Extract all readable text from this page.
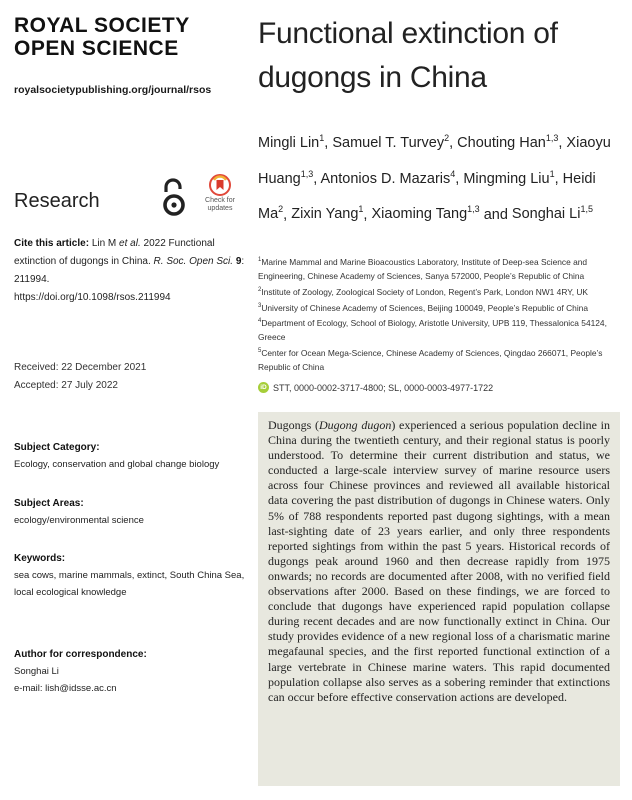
ROYAL SOCIETY
OPEN SCIENCE
royalsocietypublishing.org/journal/rsos
Research	Check for
updates
Cite this article: Lin M et al. 2022 Functional extinction of dugongs in China. R. Soc. Open Sci. 9: 211994.
https://doi.org/10.1098/rsos.211994
Received: 22 December 2021
Accepted: 27 July 2022
Subject Category:
Ecology, conservation and global change biology
Subject Areas:
ecology/environmental science
Keywords:
sea cows, marine mammals, extinct, South China Sea, local ecological knowledge
Author for correspondence:
Songhai Li
e-mail: lish@idsse.ac.cn
Functional extinction of
dugongs in China
Mingli Lin$^1$, Samuel T. Turvey$^2$, Chouting Han$^{1,3}$, Xiaoyu Huang$^{1,3}$, Antonios D. Mazaris$^4$, Mingming Liu$^1$, Heidi Ma$^2$, Zixin Yang$^1$, Xiaoming Tang$^{1,3}$ and Songhai Li$^{1,5}$
$^1$Marine Mammal and Marine Bioacoustics Laboratory, Institute of Deep-sea Science and Engineering, Chinese Academy of Sciences, Sanya 572000, People’s Republic of China
$^2$Institute of Zoology, Zoological Society of London, Regent’s Park, London NW1 4RY, UK
$^3$University of Chinese Academy of Sciences, Beijing 100049, People’s Republic of China
$^4$Department of Ecology, School of Biology, Aristotle University, UPB 119, Thessalonica 54124, Greece
$^5$Center for Ocean Mega-Science, Chinese Academy of Sciences, Qingdao 266071, People’s Republic of China
iD STT, 0000-0002-3717-4800; SL, 0000-0003-4977-1722
Dugongs (Dugong dugon) experienced a serious population decline in China during the twentieth century, and their regional status is poorly understood. To determine their current distribution and status, we conducted a large-scale interview survey of marine resource users across four Chinese provinces and reviewed all available historical data covering the past distribution of dugongs in Chinese waters. Only 5% of 788 respondents reported past dugong sightings, with a mean last-sighting date of 23 years earlier, and only three respondents reported sightings from within the past 5 years. Historical records of dugongs peak around 1960 and then decrease rapidly from 1975 onwards; no records are documented after 2008, with no verified field observations after 2000. Based on these findings, we are forced to conclude that dugongs have experienced rapid population collapse during recent decades and are now functionally extinct in China. Our study provides evidence of a new regional loss of a charismatic marine megafaunal species, and the first reported functional extinction of a large vertebrate in Chinese marine waters. This rapid documented population collapse also serves as a sobering reminder that extinctions can occur before effective conservation actions are developed.
